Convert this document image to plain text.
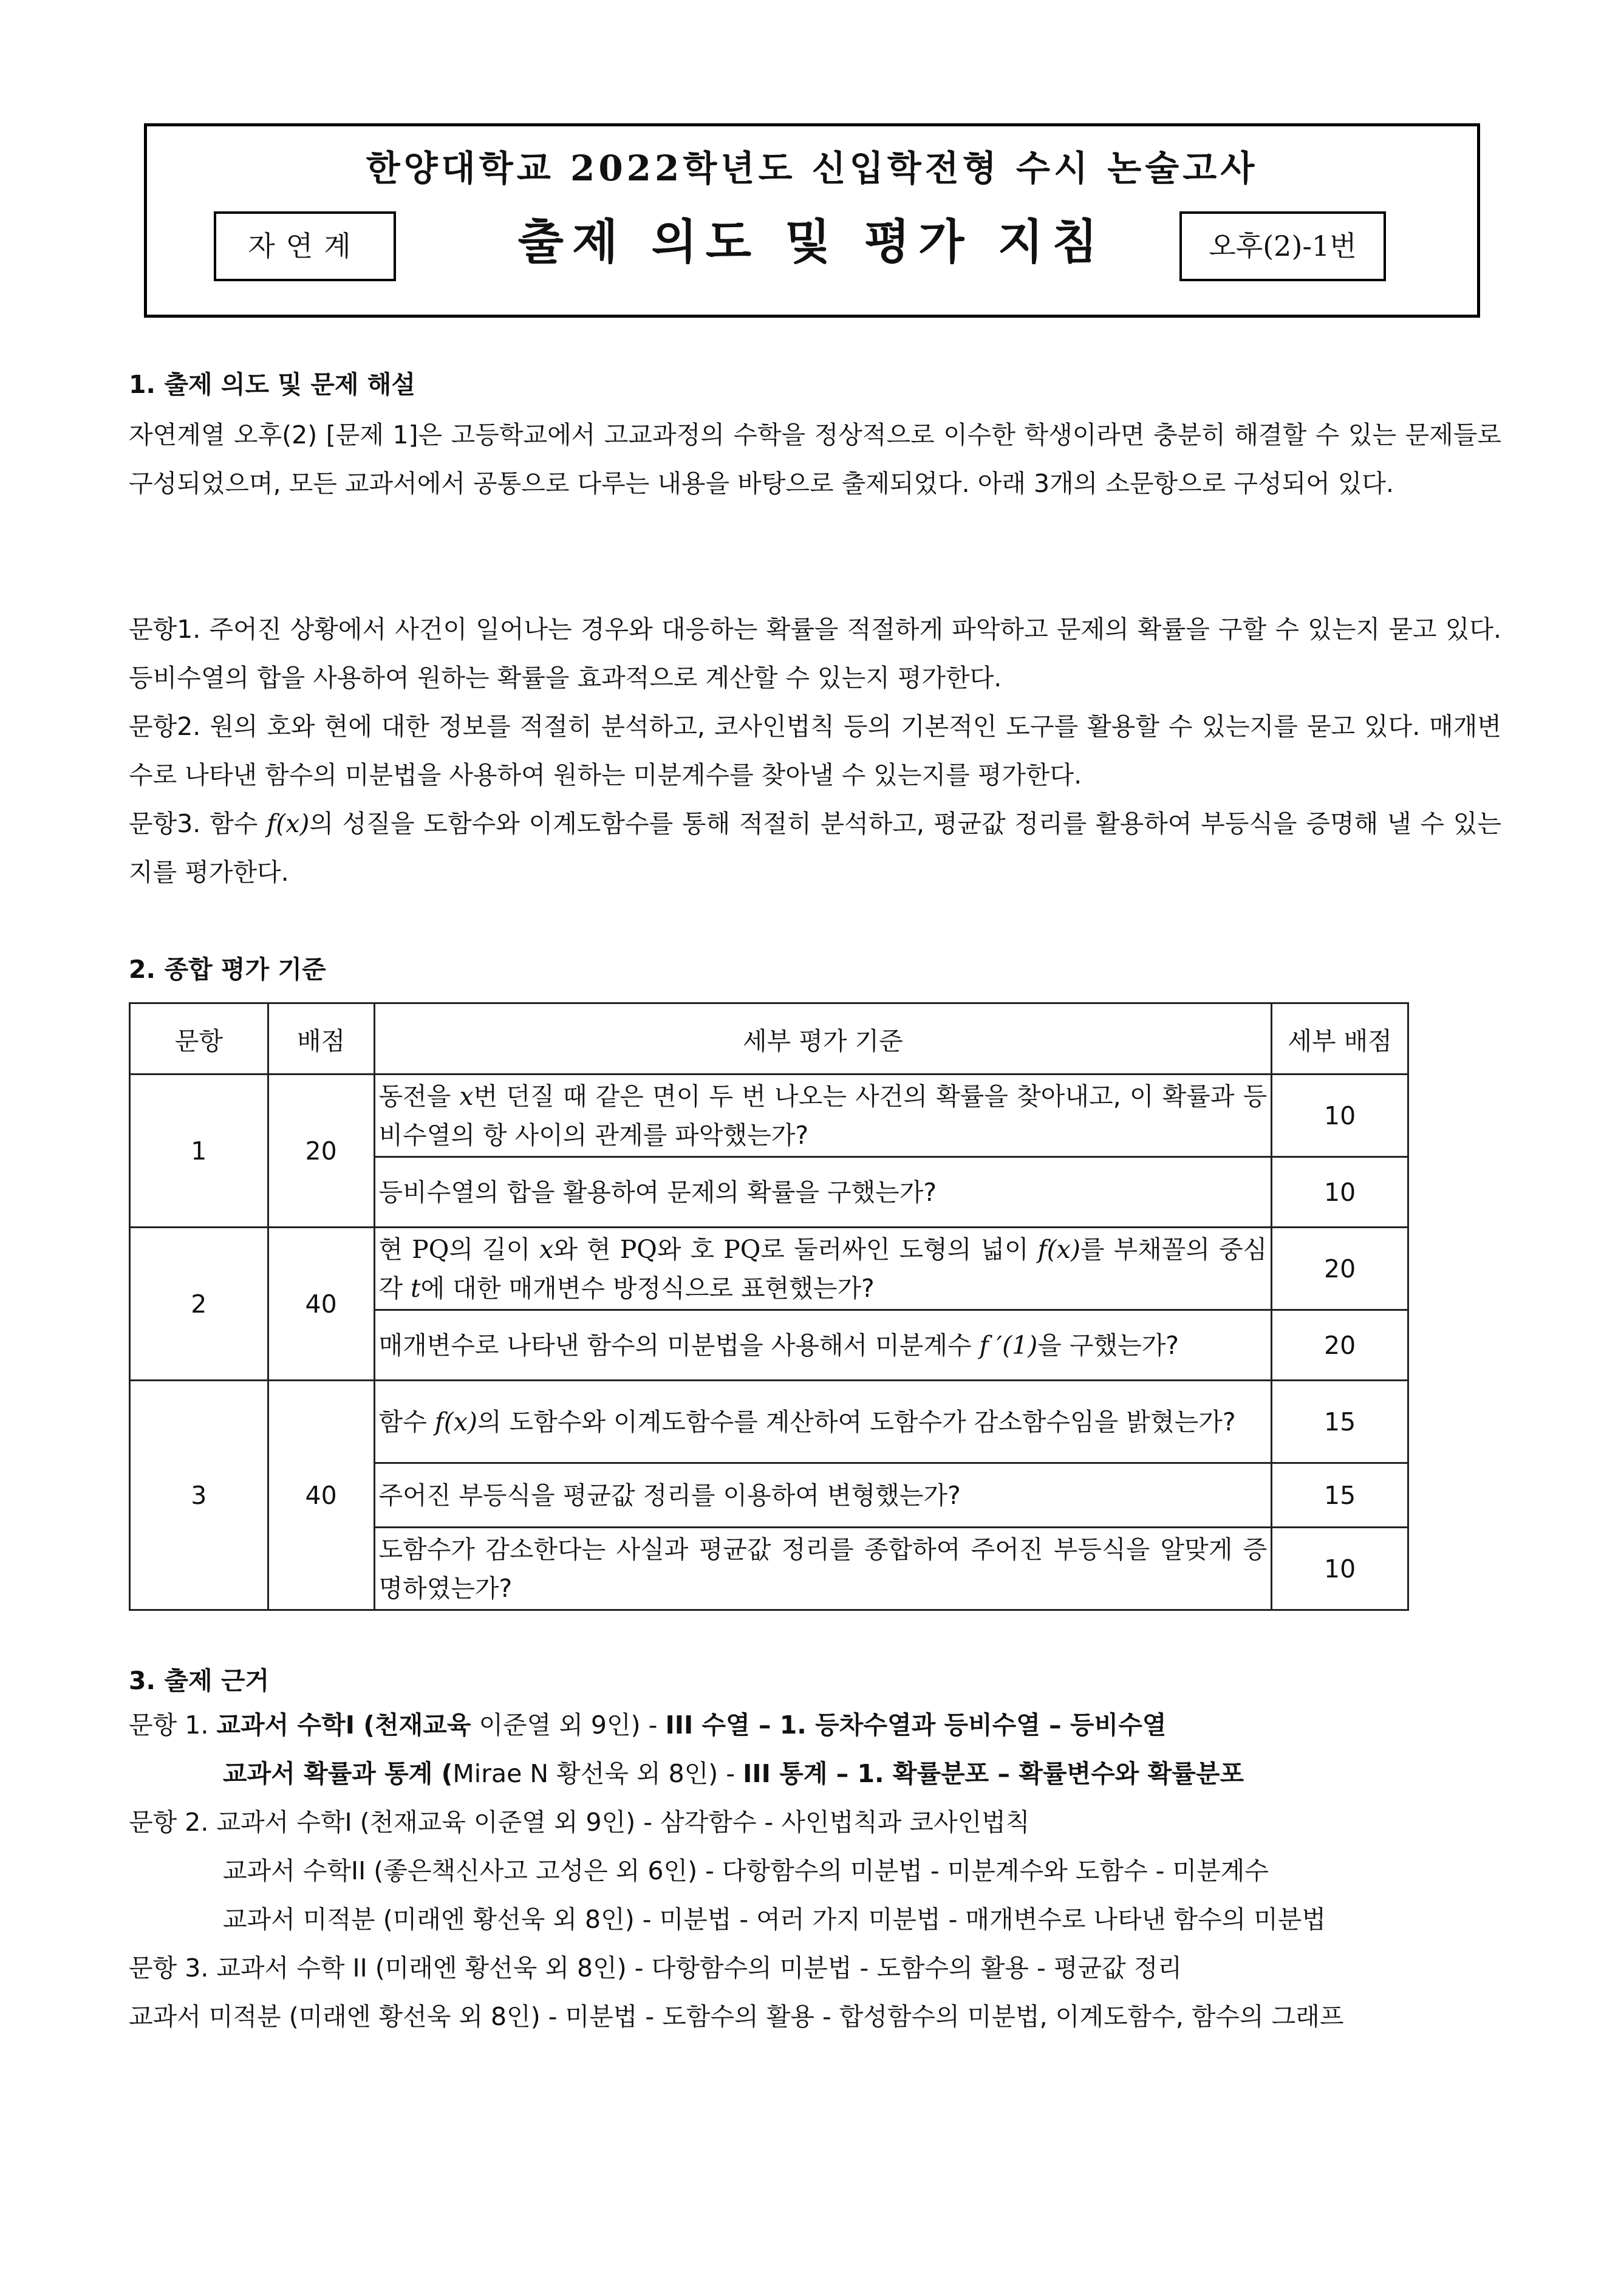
한양대학교 2022학년도 신입학전형 수시 논술고사
자연계	출제 의도 및 평가 지침	오후(2)-1번
1. 출제 의도 및 문제 해설

자연계열 오후(2) [문제 1]은 고등학교에서 고교과정의 수학을 정상적으로 이수한 학생이라면 충분히 해결할 수 있는 문제들로 구성되었으며, 모든 교과서에서 공통으로 다루는 내용을 바탕으로 출제되었다. 아래 3개의 소문항으로 구성되어 있다.

문항1. 주어진 상황에서 사건이 일어나는 경우와 대응하는 확률을 적절하게 파악하고 문제의 확률을 구할 수 있는지 묻고 있다. 등비수열의 합을 사용하여 원하는 확률을 효과적으로 계산할 수 있는지 평가한다.

문항2. 원의 호와 현에 대한 정보를 적절히 분석하고, 코사인법칙 등의 기본적인 도구를 활용할 수 있는지를 묻고 있다. 매개변수로 나타낸 함수의 미분법을 사용하여 원하는 미분계수를 찾아낼 수 있는지를 평가한다.

문항3. 함수 f(x)의 성질을 도함수와 이계도함수를 통해 적절히 분석하고, 평균값 정리를 활용하여 부등식을 증명해 낼 수 있는지를 평가한다.

2. 종합 평가 기준
문항	배점	세부 평가 기준	세부 배점
1	20	동전을 x번 던질 때 같은 면이 두 번 나오는 사건의 확률을 찾아내고, 이 확률과 등비수열의 항 사이의 관계를 파악했는가?	10
		등비수열의 합을 활용하여 문제의 확률을 구했는가?	10
2	40	현 PQ의 길이 x와 현 PQ와 호 PQ로 둘러싸인 도형의 넓이 f(x)를 부채꼴의 중심각 t에 대한 매개변수 방정식으로 표현했는가?	20
		매개변수로 나타낸 함수의 미분법을 사용해서 미분계수 f ′(1)을 구했는가?	20
3	40	함수 f(x)의 도함수와 이계도함수를 계산하여 도함수가 감소함수임을 밝혔는가?	15
		주어진 부등식을 평균값 정리를 이용하여 변형했는가?	15
		도함수가 감소한다는 사실과 평균값 정리를 종합하여 주어진 부등식을 알맞게 증명하였는가?	10
3. 출제 근거
문항 1. 교과서 수학I (천재교육 이준열 외 9인) - III 수열 – 1. 등차수열과 등비수열 – 등비수열
교과서 확률과 통계 (Mirae N 황선욱 외 8인) - III 통계 – 1. 확률분포 – 확률변수와 확률분포
문항 2. 교과서 수학I (천재교육 이준열 외 9인) - 삼각함수 - 사인법칙과 코사인법칙
교과서 수학II (좋은책신사고 고성은 외 6인) - 다항함수의 미분법 - 미분계수와 도함수 - 미분계수
교과서 미적분 (미래엔 황선욱 외 8인) - 미분법 - 여러 가지 미분법 - 매개변수로 나타낸 함수의 미분법
문항 3. 교과서 수학 II (미래엔 황선욱 외 8인) - 다항함수의 미분법 - 도함수의 활용 - 평균값 정리
교과서 미적분 (미래엔 황선욱 외 8인) - 미분법 - 도함수의 활용 - 합성함수의 미분법, 이계도함수, 함수의 그래프
